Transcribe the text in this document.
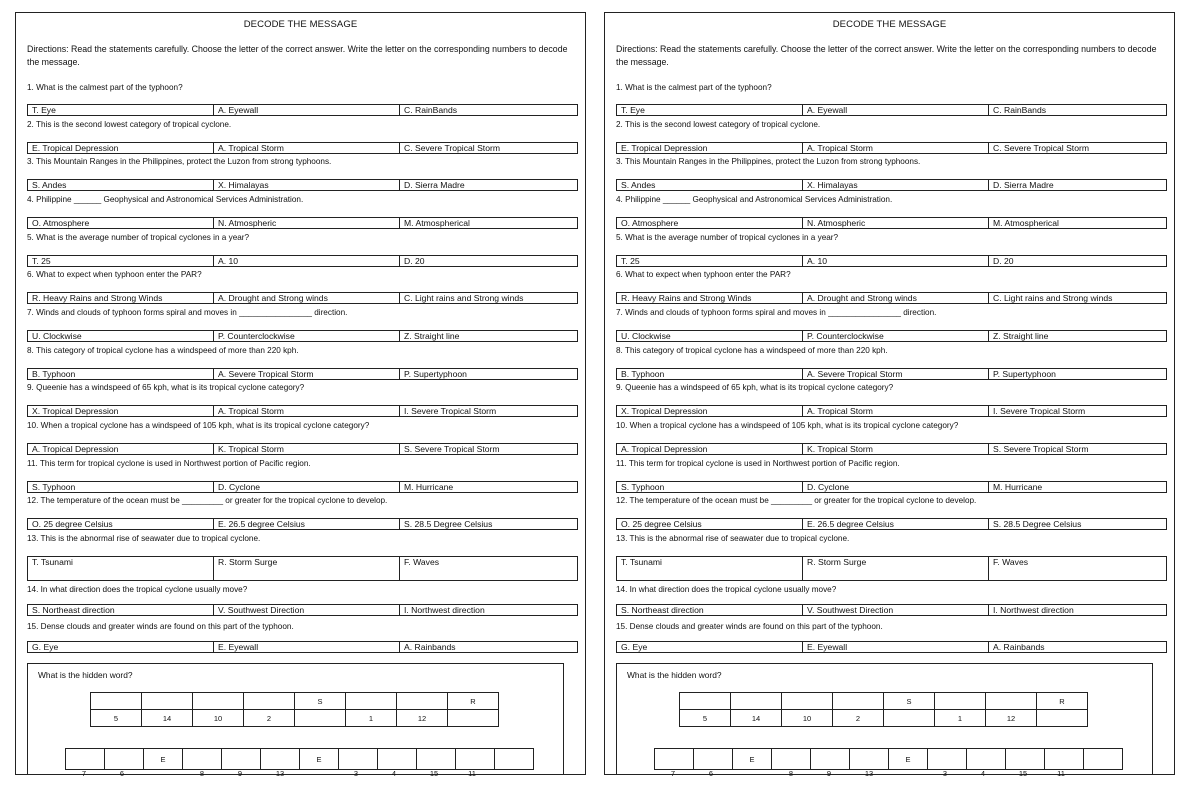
DECODE THE MESSAGE
Directions: Read the statements carefully. Choose the letter of the correct answer. Write the letter on the corresponding numbers to decode the message.
1. What is the calmest part of the typhoon?
T. Eye	A. Eyewall	C. RainBands
2. This is the second lowest category of tropical cyclone.
E. Tropical Depression	A. Tropical Storm	C. Severe Tropical Storm
3. This Mountain Ranges in the Philippines, protect the Luzon from strong typhoons.
S. Andes	X. Himalayas	D. Sierra Madre
4. Philippine ______ Geophysical and Astronomical Services Administration.
O. Atmosphere	N. Atmospheric	M. Atmospherical
5. What is the average number of tropical cyclones in a year?
T. 25	A. 10	D. 20
6. What to expect when typhoon enter the PAR?
R. Heavy Rains and Strong Winds	A. Drought and Strong winds	C. Light rains and Strong winds
7. Winds and clouds of typhoon forms spiral and moves in ________________ direction.
U. Clockwise	P. Counterclockwise	Z. Straight line
8. This category of tropical cyclone has a windspeed of more than 220 kph.
B. Typhoon	A. Severe Tropical Storm	P. Supertyphoon
9. Queenie has a windspeed of 65 kph, what is its tropical cyclone category?
X. Tropical Depression	A. Tropical Storm	I. Severe Tropical Storm
10. When a tropical cyclone has a windspeed of 105 kph, what is its tropical cyclone category?
A. Tropical Depression	K. Tropical Storm	S. Severe Tropical Storm
11. This term for tropical cyclone is used in Northwest portion of Pacific region.
S. Typhoon	D. Cyclone	M. Hurricane
12. The temperature of the ocean must be _________ or greater for the tropical cyclone to develop.
O. 25 degree Celsius	E. 26.5 degree Celsius	S. 28.5 Degree Celsius
13. This is the abnormal rise of seawater due to tropical cyclone.
T. Tsunami	R. Storm Surge	F. Waves
14. In what direction does the tropical cyclone usually move?
S. Northeast direction	V. Southwest Direction	I. Northwest direction
15. Dense clouds and greater winds are found on this part of the typhoon.
G. Eye	E. Eyewall	A. Rainbands
What is the hidden word?
				S			R
5	14	10	2		1	12	
		E				E					
7	6	8	9	13	3	4	15	11
DECODE THE MESSAGE
Directions: Read the statements carefully. Choose the letter of the correct answer. Write the letter on the corresponding numbers to decode the message.
1. What is the calmest part of the typhoon?
T. Eye	A. Eyewall	C. RainBands
2. This is the second lowest category of tropical cyclone.
E. Tropical Depression	A. Tropical Storm	C. Severe Tropical Storm
3. This Mountain Ranges in the Philippines, protect the Luzon from strong typhoons.
S. Andes	X. Himalayas	D. Sierra Madre
4. Philippine ______ Geophysical and Astronomical Services Administration.
O. Atmosphere	N. Atmospheric	M. Atmospherical
5. What is the average number of tropical cyclones in a year?
T. 25	A. 10	D. 20
6. What to expect when typhoon enter the PAR?
R. Heavy Rains and Strong Winds	A. Drought and Strong winds	C. Light rains and Strong winds
7. Winds and clouds of typhoon forms spiral and moves in ________________ direction.
U. Clockwise	P. Counterclockwise	Z. Straight line
8. This category of tropical cyclone has a windspeed of more than 220 kph.
B. Typhoon	A. Severe Tropical Storm	P. Supertyphoon
9. Queenie has a windspeed of 65 kph, what is its tropical cyclone category?
X. Tropical Depression	A. Tropical Storm	I. Severe Tropical Storm
10. When a tropical cyclone has a windspeed of 105 kph, what is its tropical cyclone category?
A. Tropical Depression	K. Tropical Storm	S. Severe Tropical Storm
11. This term for tropical cyclone is used in Northwest portion of Pacific region.
S. Typhoon	D. Cyclone	M. Hurricane
12. The temperature of the ocean must be _________ or greater for the tropical cyclone to develop.
O. 25 degree Celsius	E. 26.5 degree Celsius	S. 28.5 Degree Celsius
13. This is the abnormal rise of seawater due to tropical cyclone.
T. Tsunami	R. Storm Surge	F. Waves
14. In what direction does the tropical cyclone usually move?
S. Northeast direction	V. Southwest Direction	I. Northwest direction
15. Dense clouds and greater winds are found on this part of the typhoon.
G. Eye	E. Eyewall	A. Rainbands
What is the hidden word?
				S			R
5	14	10	2		1	12	
		E				E					
7	6	8	9	13	3	4	15	11
